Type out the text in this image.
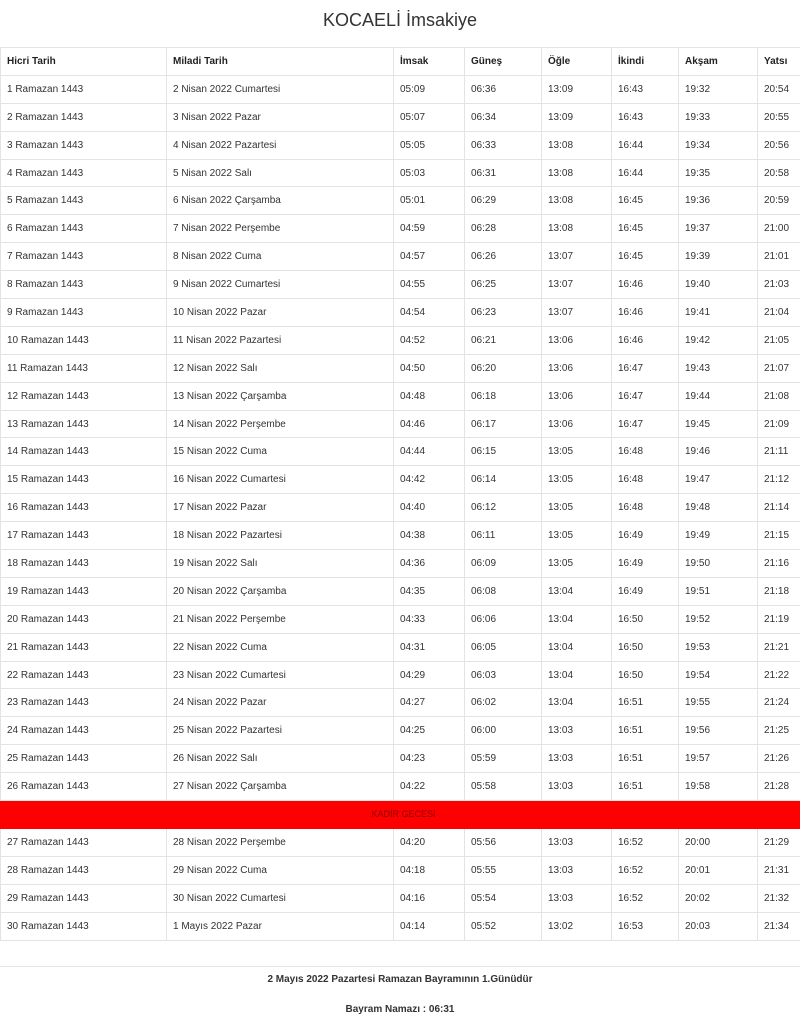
KOCAELİ İmsakiye
Hicri Tarih	Miladi Tarih	İmsak	Güneş	Öğle	İkindi	Akşam	Yatsı
1 Ramazan 1443	2 Nisan 2022 Cumartesi	05:09	06:36	13:09	16:43	19:32	20:54
2 Ramazan 1443	3 Nisan 2022 Pazar	05:07	06:34	13:09	16:43	19:33	20:55
3 Ramazan 1443	4 Nisan 2022 Pazartesi	05:05	06:33	13:08	16:44	19:34	20:56
4 Ramazan 1443	5 Nisan 2022 Salı	05:03	06:31	13:08	16:44	19:35	20:58
5 Ramazan 1443	6 Nisan 2022 Çarşamba	05:01	06:29	13:08	16:45	19:36	20:59
6 Ramazan 1443	7 Nisan 2022 Perşembe	04:59	06:28	13:08	16:45	19:37	21:00
7 Ramazan 1443	8 Nisan 2022 Cuma	04:57	06:26	13:07	16:45	19:39	21:01
8 Ramazan 1443	9 Nisan 2022 Cumartesi	04:55	06:25	13:07	16:46	19:40	21:03
9 Ramazan 1443	10 Nisan 2022 Pazar	04:54	06:23	13:07	16:46	19:41	21:04
10 Ramazan 1443	11 Nisan 2022 Pazartesi	04:52	06:21	13:06	16:46	19:42	21:05
11 Ramazan 1443	12 Nisan 2022 Salı	04:50	06:20	13:06	16:47	19:43	21:07
12 Ramazan 1443	13 Nisan 2022 Çarşamba	04:48	06:18	13:06	16:47	19:44	21:08
13 Ramazan 1443	14 Nisan 2022 Perşembe	04:46	06:17	13:06	16:47	19:45	21:09
14 Ramazan 1443	15 Nisan 2022 Cuma	04:44	06:15	13:05	16:48	19:46	21:11
15 Ramazan 1443	16 Nisan 2022 Cumartesi	04:42	06:14	13:05	16:48	19:47	21:12
16 Ramazan 1443	17 Nisan 2022 Pazar	04:40	06:12	13:05	16:48	19:48	21:14
17 Ramazan 1443	18 Nisan 2022 Pazartesi	04:38	06:11	13:05	16:49	19:49	21:15
18 Ramazan 1443	19 Nisan 2022 Salı	04:36	06:09	13:05	16:49	19:50	21:16
19 Ramazan 1443	20 Nisan 2022 Çarşamba	04:35	06:08	13:04	16:49	19:51	21:18
20 Ramazan 1443	21 Nisan 2022 Perşembe	04:33	06:06	13:04	16:50	19:52	21:19
21 Ramazan 1443	22 Nisan 2022 Cuma	04:31	06:05	13:04	16:50	19:53	21:21
22 Ramazan 1443	23 Nisan 2022 Cumartesi	04:29	06:03	13:04	16:50	19:54	21:22
23 Ramazan 1443	24 Nisan 2022 Pazar	04:27	06:02	13:04	16:51	19:55	21:24
24 Ramazan 1443	25 Nisan 2022 Pazartesi	04:25	06:00	13:03	16:51	19:56	21:25
25 Ramazan 1443	26 Nisan 2022 Salı	04:23	05:59	13:03	16:51	19:57	21:26
26 Ramazan 1443	27 Nisan 2022 Çarşamba	04:22	05:58	13:03	16:51	19:58	21:28
KADİR GECESİ							
27 Ramazan 1443	28 Nisan 2022 Perşembe	04:20	05:56	13:03	16:52	20:00	21:29
28 Ramazan 1443	29 Nisan 2022 Cuma	04:18	05:55	13:03	16:52	20:01	21:31
29 Ramazan 1443	30 Nisan 2022 Cumartesi	04:16	05:54	13:03	16:52	20:02	21:32
30 Ramazan 1443	1 Mayıs 2022 Pazar	04:14	05:52	13:02	16:53	20:03	21:34
2 Mayıs 2022 Pazartesi Ramazan Bayramının 1.Günüdür
Bayram Namazı : 06:31
